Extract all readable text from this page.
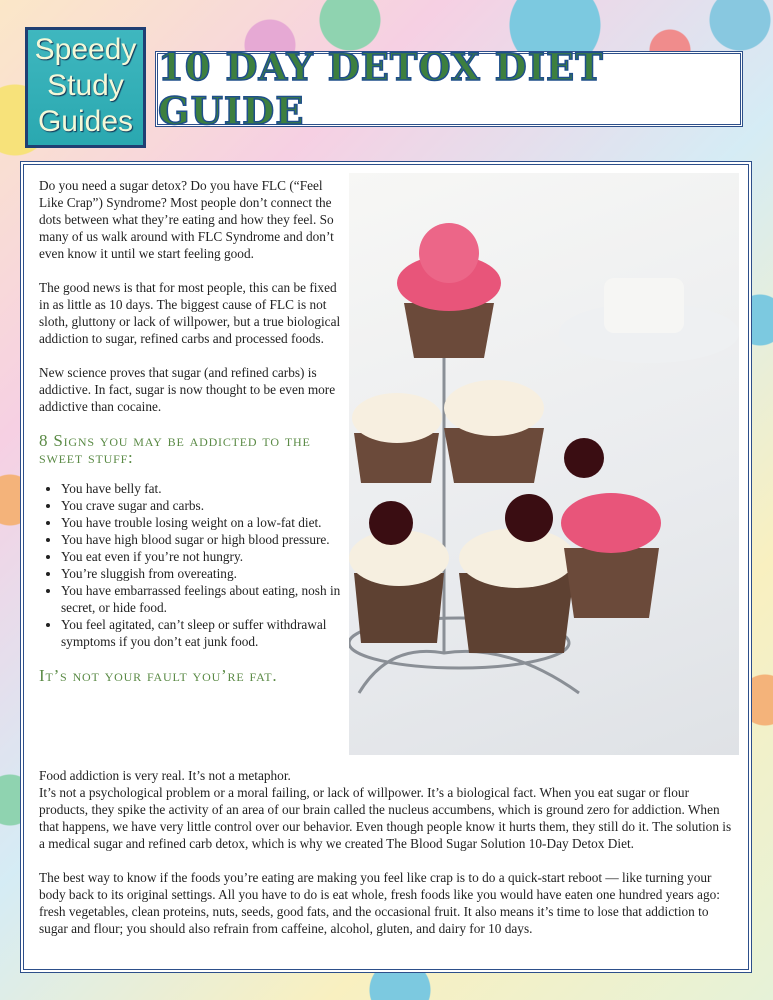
Speedy
Study
Guides
10 DAY DETOX DIET GUIDE

Do you need a sugar detox? Do you have FLC (“Feel Like Crap”) Syndrome? Most people don’t connect the dots between what they’re eating and how they feel. So many of us walk around with FLC Syndrome and don’t even know it until we start feeling good.

The good news is that for most people, this can be fixed in as little as 10 days. The biggest cause of FLC is not sloth, gluttony or lack of willpower, but a true biological addiction to sugar, refined carbs and processed foods.

New science proves that sugar (and refined carbs) is addictive. In fact, sugar is now thought to be even more addictive than cocaine.

8 Signs you may be addicted to the sweet stuff:
• You have belly fat.
• You crave sugar and carbs.
• You have trouble losing weight on a low-fat diet.
• You have high blood sugar or high blood pressure.
• You eat even if you’re not hungry.
• You’re sluggish from overeating.
• You have embarrassed feelings about eating, nosh in secret, or hide food.
• You feel agitated, can’t sleep or suffer withdrawal symptoms if you don’t eat junk food.
It’s not your fault you’re fat.
Food addiction is very real. It’s not a metaphor.

It’s not a psychological problem or a moral failing, or lack of willpower. It’s a biological fact. When you eat sugar or flour products, they spike the activity of an area of our brain called the nucleus accumbens, which is ground zero for addiction. When that happens, we have very little control over our behavior. Even though people know it hurts them, they still do it. The solution is a medical sugar and refined carb detox, which is why we created The Blood Sugar Solution 10-Day Detox Diet.

The best way to know if the foods you’re eating are making you feel like crap is to do a quick-start reboot — like turning your body back to its original settings. All you have to do is eat whole, fresh foods like you would have eaten one hundred years ago: fresh vegetables, clean proteins, nuts, seeds, good fats, and the occasional fruit. It also means it’s time to lose that addiction to sugar and flour; you should also refrain from caffeine, alcohol, gluten, and dairy for 10 days.
